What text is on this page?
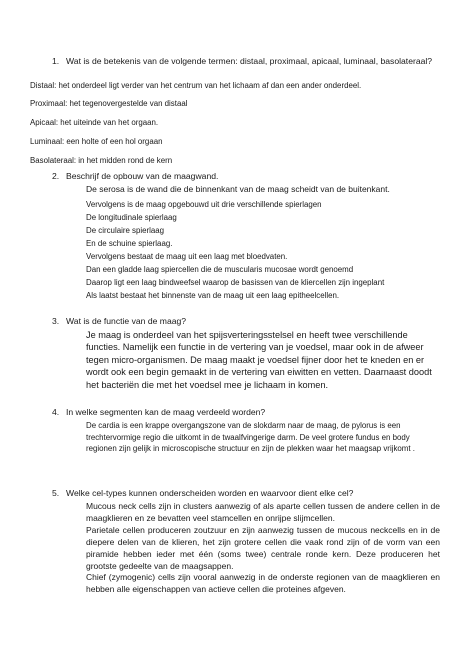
1. Wat is de betekenis van de volgende termen: distaal, proximaal, apicaal, luminaal, basolateraal?
Distaal: het onderdeel ligt verder van het centrum van het lichaam af dan een ander onderdeel.
Proximaal: het tegenovergestelde van distaal
Apicaal: het uiteinde van het orgaan.
Luminaal: een holte of een hol orgaan
Basolateraal: in het midden rond de kern
2. Beschrijf de opbouw van de maagwand.
De serosa is de wand die de binnenkant van de maag scheidt van de buitenkant.
Vervolgens is de maag opgebouwd uit drie verschillende spierlagen
De longitudinale spierlaag
De circulaire spierlaag
En de schuine spierlaag.
Vervolgens bestaat de maag uit een laag met bloedvaten.
Dan een gladde laag spiercellen die de muscularis mucosae wordt genoemd
Daarop ligt een laag bindweefsel waarop de basissen van de kliercellen zijn ingeplant
Als laatst bestaat het binnenste van de maag uit een laag epitheelcellen.
3. Wat is de functie van de maag?
Je maag is onderdeel van het spijsverteringsstelsel en heeft twee verschillende functies. Namelijk een functie in de vertering van je voedsel, maar ook in de afweer tegen micro-organismen. De maag maakt je voedsel fijner door het te kneden en er wordt ook een begin gemaakt in de vertering van eiwitten en vetten. Daarnaast doodt het bacteriën die met het voedsel mee je lichaam in komen.
4. In welke segmenten kan de maag verdeeld worden?
De cardia is een krappe overgangszone van de slokdarm naar de maag, de pylorus is een trechtervormige regio die uitkomt in de twaalfvingerige darm. De veel grotere fundus en body regionen zijn gelijk in microscopische structuur en zijn de plekken waar het maagsap vrijkomt .
5. Welke cel-types kunnen onderscheiden worden en waarvoor dient elke cel?
Mucous neck cells zijn in clusters aanwezig of als aparte cellen tussen de andere cellen in de maagklieren en ze bevatten veel stamcellen en onrijpe slijmcellen.
Parietale cellen produceren zoutzuur en zijn aanwezig tussen de mucous neckcells en in de diepere delen van de klieren, het zijn grotere cellen die vaak rond zijn of de vorm van een piramide hebben ieder met één (soms twee) centrale ronde kern. Deze produceren het grootste gedeelte van de maagsappen.
Chief (zymogenic) cells zijn vooral aanwezig in de onderste regionen van de maagklieren en hebben alle eigenschappen van actieve cellen die proteines afgeven.
